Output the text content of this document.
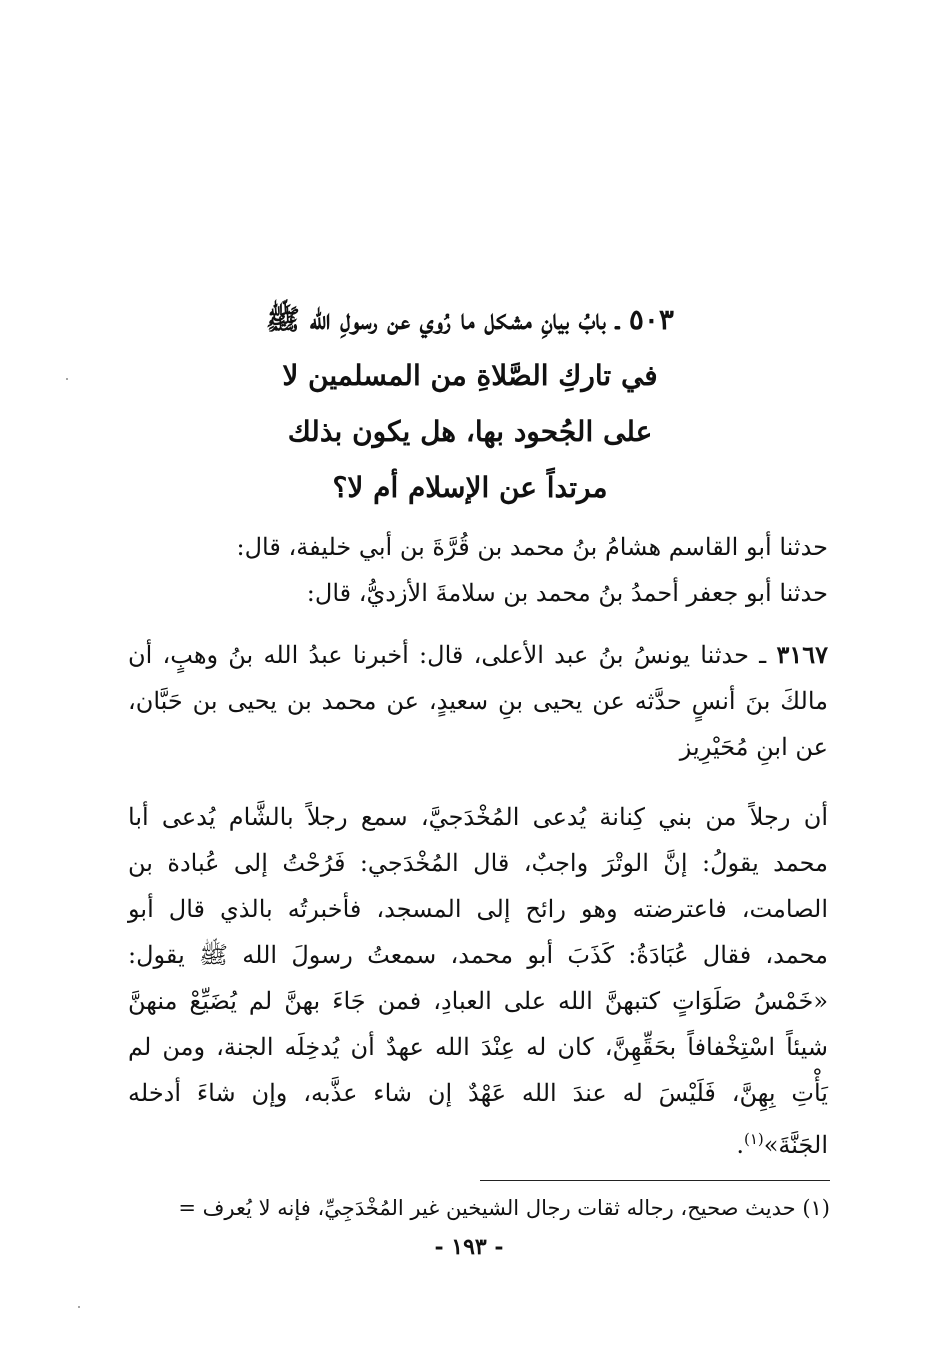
٥٠٣ ـ بابُ بيانِ مشكل ما رُوي عن رسولِ الله ﷺ
في تاركِ الصَّلاةِ من المسلمين لا
على الجُحود بها، هل يكون بذلك
مرتداً عن الإسلام أم لا؟

حدثنا أبو القاسم هشامُ بنُ محمد بن قُرَّةَ بن أبي خليفة، قال:

حدثنا أبو جعفر أحمدُ بنُ محمد بن سلامةَ الأزديُّ، قال:

٣١٦٧ ـ حدثنا يونسُ بنُ عبد الأعلى، قال: أخبرنا عبدُ الله بنُ وهبٍ، أن مالكَ بنَ أنسٍ حدَّثه عن يحيى بنِ سعيدٍ، عن محمد بن يحيى بن حَبَّان، عن ابنِ مُحَيْرِيز

أن رجلاً من بني كِنانة يُدعى المُخْدَجيَّ، سمع رجلاً بالشَّام يُدعى أبا محمد يقولُ: إنَّ الوتْرَ واجبٌ، قال المُخْدَجي: فَرُحْتُ إلى عُبادة بن الصامت، فاعترضته وهو رائح إلى المسجد، فأخبرتُه بالذي قال أبو محمد، فقال عُبَادَةُ: كَذَبَ أبو محمد، سمعتُ رسولَ الله ﷺ يقول: «خَمْسُ صَلَوَاتٍ كتبهنَّ الله على العبادِ، فمن جَاءَ بهنَّ لم يُضَيِّعْ منهنَّ شيئاً اسْتِخْفافاً بحَقِّهِنَّ، كان له عِنْدَ الله عهدٌ أن يُدخِلَه الجنة، ومن لم يَأْتِ بِهِنَّ، فَلَيْسَ له عندَ الله عَهْدٌ إن شاء عذَّبه، وإن شاءَ أدخله الجَنَّةَ»$^{(١)}$.

(١) حديث صحيح، رجاله ثقات رجال الشيخين غير المُخْدَجِيِّ، فإنه لا يُعرف =
- ١٩٣ -
